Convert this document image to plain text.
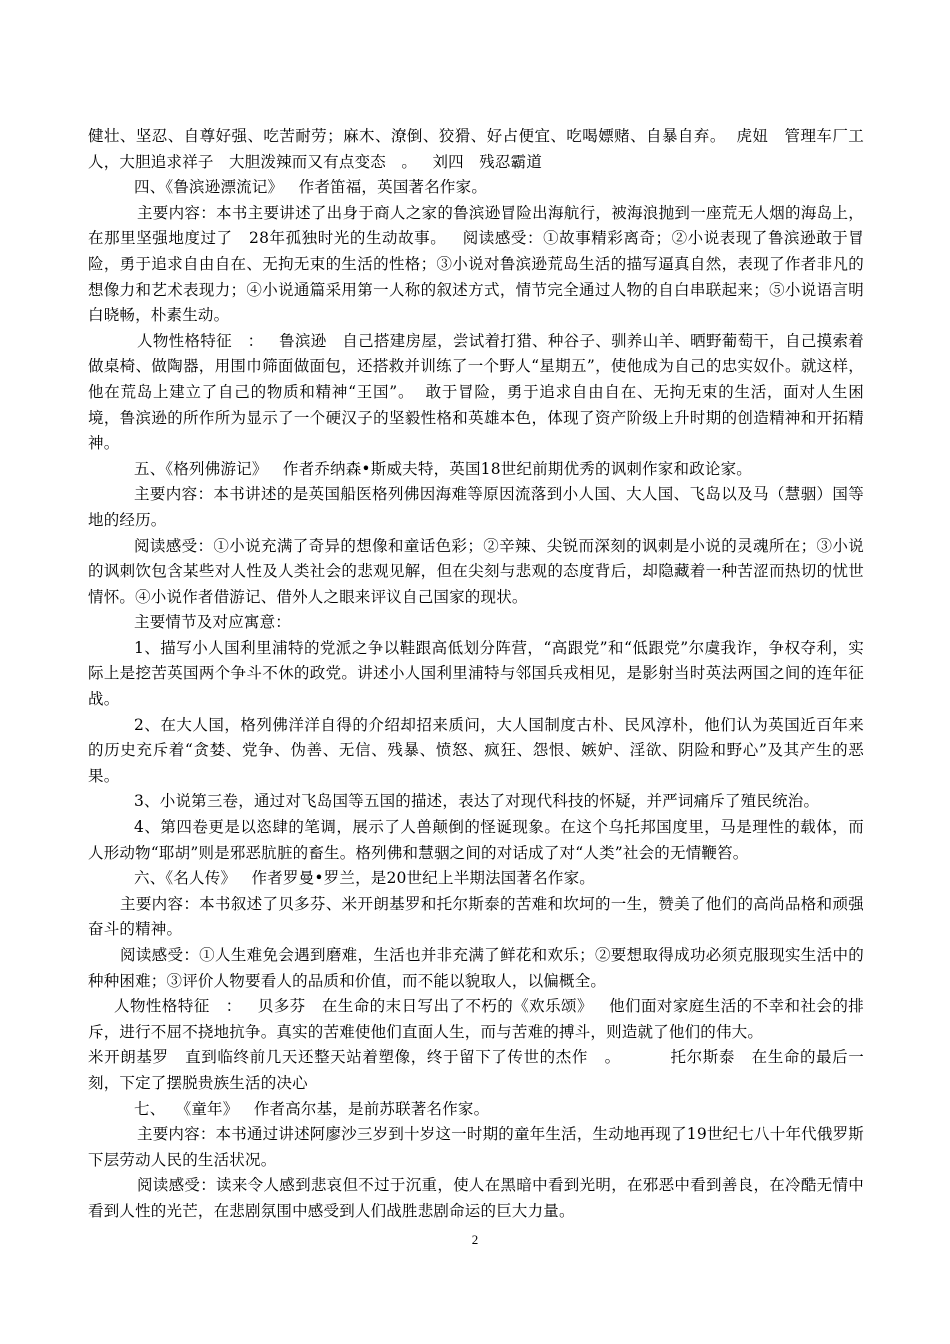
健壮、坚忍、自尊好强、吃苦耐劳；麻木、潦倒、狡猾、好占便宜、吃喝嫖赌、自暴自弃。  虎妞   管理车厂工人，大胆追求祥子   大胆泼辣而又有点变态   。   刘四   残忍霸道

四、《鲁滨逊漂流记》   作者笛福，英国著名作家。

主要内容：本书主要讲述了出身于商人之家的鲁滨逊冒险出海航行，被海浪抛到一座荒无人烟的海岛上，在那里坚强地度过了   28年孤独时光的生动故事。   阅读感受：①故事精彩离奇；②小说表现了鲁滨逊敢于冒险，勇于追求自由自在、无拘无束的生活的性格；③小说对鲁滨逊荒岛生活的描写逼真自然，表现了作者非凡的想像力和艺术表现力；④小说通篇采用第一人称的叙述方式，情节完全通过人物的自白串联起来；⑤小说语言明白晓畅，朴素生动。

人物性格特征   ：   鲁滨逊   自己搭建房屋，尝试着打猎、种谷子、驯养山羊、晒野葡萄干，自己摸索着做桌椅、做陶器，用围巾筛面做面包，还搭救并训练了一个野人“星期五”，使他成为自己的忠实奴仆。就这样，他在荒岛上建立了自己的物质和精神“王国”。  敢于冒险，勇于追求自由自在、无拘无束的生活，面对人生困境，鲁滨逊的所作所为显示了一个硬汉子的坚毅性格和英雄本色，体现了资产阶级上升时期的创造精神和开拓精神。

五、《格列佛游记》   作者乔纳森•斯威夫特，英国18世纪前期优秀的讽刺作家和政论家。

主要内容：本书讲述的是英国船医格列佛因海难等原因流落到小人国、大人国、飞岛以及马（慧骃）国等地的经历。

阅读感受：①小说充满了奇异的想像和童话色彩；②辛辣、尖锐而深刻的讽刺是小说的灵魂所在；③小说的讽刺饮包含某些对人性及人类社会的悲观见解，但在尖刻与悲观的态度背后，却隐藏着一种苦涩而热切的忧世情怀。④小说作者借游记、借外人之眼来评议自己国家的现状。

主要情节及对应寓意：

1、描写小人国利里浦特的党派之争以鞋跟高低划分阵营，“高跟党”和“低跟党”尔虞我诈，争权夺利，实际上是挖苦英国两个争斗不休的政党。讲述小人国利里浦特与邻国兵戎相见，是影射当时英法两国之间的连年征战。

2、在大人国，格列佛洋洋自得的介绍却招来质问，大人国制度古朴、民风淳朴，他们认为英国近百年来的历史充斥着“贪婪、党争、伪善、无信、残暴、愤怒、疯狂、怨恨、嫉妒、淫欲、阴险和野心”及其产生的恶果。

3、小说第三卷，通过对飞岛国等五国的描述，表达了对现代科技的怀疑，并严词痛斥了殖民统治。

4、第四卷更是以恣肆的笔调，展示了人兽颠倒的怪诞现象。在这个乌托邦国度里，马是理性的载体，而人形动物“耶胡”则是邪恶肮脏的畜生。格列佛和慧骃之间的对话成了对“人类”社会的无情鞭笞。

六、《名人传》   作者罗曼•罗兰，是20世纪上半期法国著名作家。

主要内容：本书叙述了贝多芬、米开朗基罗和托尔斯泰的苦难和坎坷的一生，赞美了他们的高尚品格和顽强奋斗的精神。

阅读感受：①人生难免会遇到磨难，生活也并非充满了鲜花和欢乐；②要想取得成功必须克服现实生活中的种种困难；③评价人物要看人的品质和价值，而不能以貌取人，以偏概全。

人物性格特征   ：   贝多芬   在生命的末日写出了不朽的《欢乐颂》   他们面对家庭生活的不幸和社会的排斥，进行不屈不挠地抗争。真实的苦难使他们直面人生，而与苦难的搏斗，则造就了他们的伟大。

米开朗基罗   直到临终前几天还整天站着塑像，终于留下了传世的杰作   。         托尔斯泰   在生命的最后一刻，下定了摆脱贵族生活的决心

七、  《童年》   作者高尔基，是前苏联著名作家。

主要内容：本书通过讲述阿廖沙三岁到十岁这一时期的童年生活，生动地再现了19世纪七八十年代俄罗斯下层劳动人民的生活状况。

阅读感受：读来令人感到悲哀但不过于沉重，使人在黑暗中看到光明，在邪恶中看到善良，在冷酷无情中看到人性的光芒，在悲剧氛围中感受到人们战胜悲剧命运的巨大力量。

2
